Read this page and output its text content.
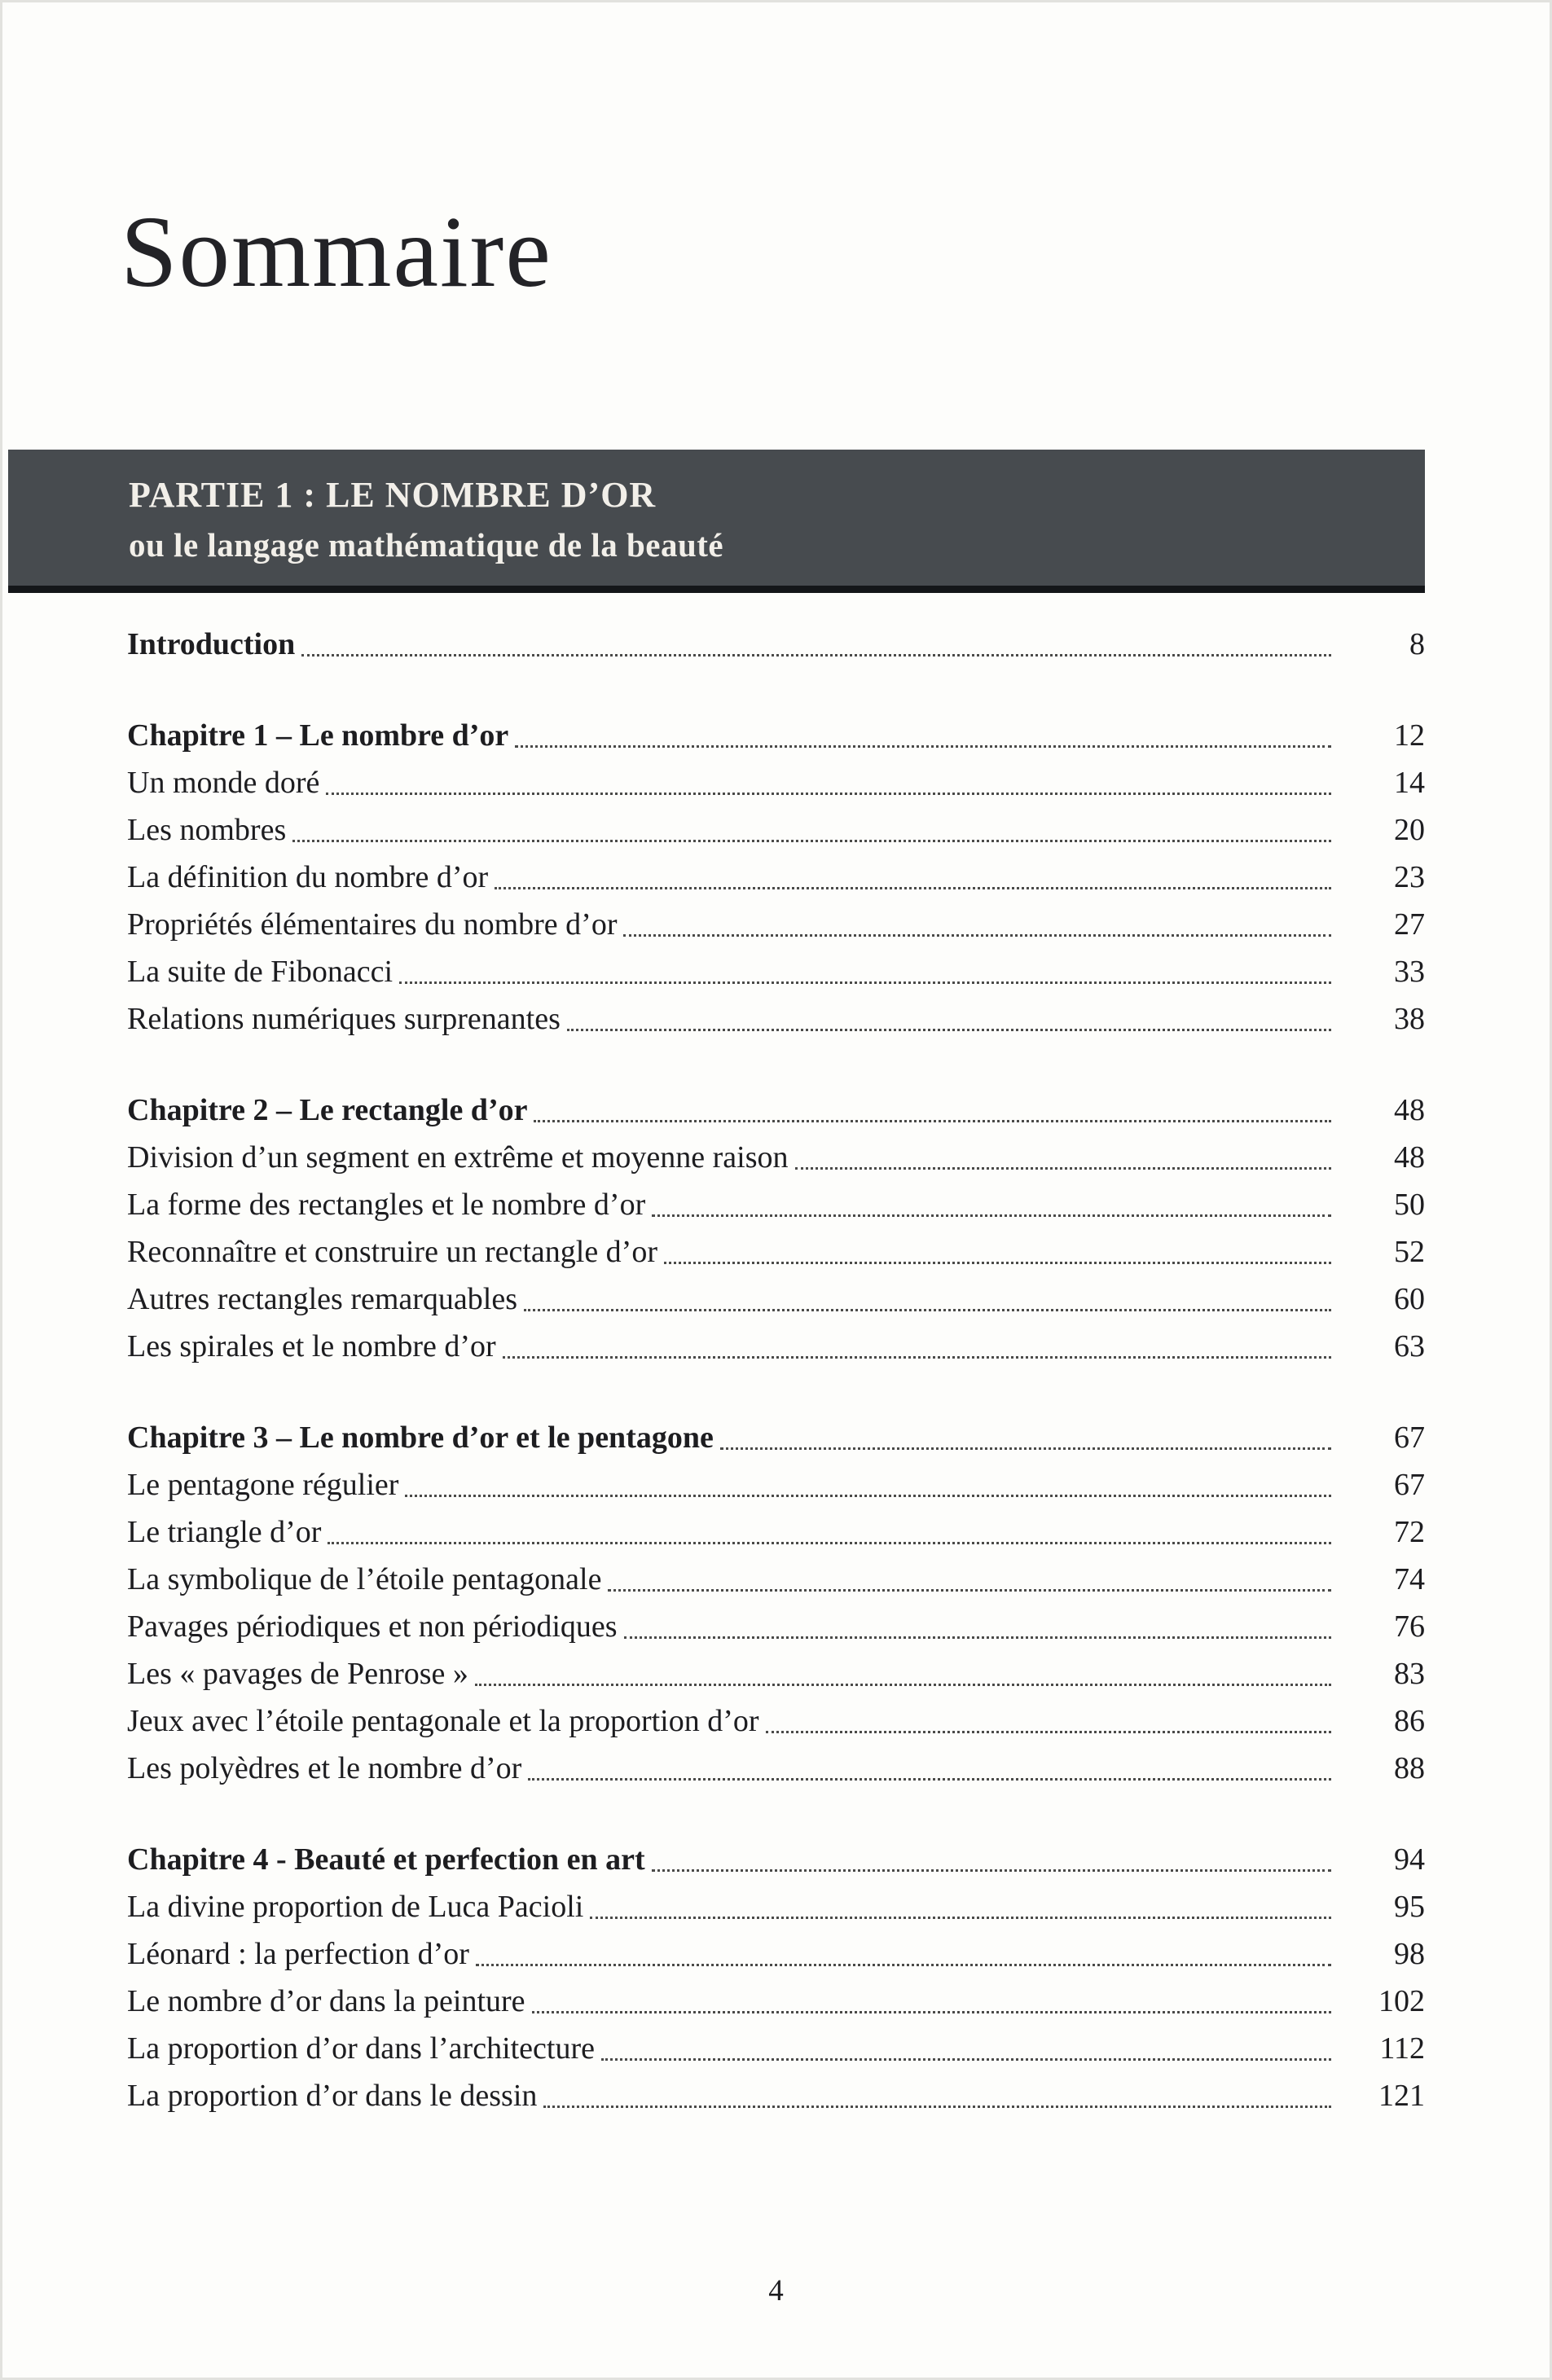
Sommaire
PARTIE 1 : LE NOMBRE D’OR
ou le langage mathématique de la beauté
Introduction	8
Chapitre 1 – Le nombre d’or	12
Un monde doré	14
Les nombres	20
La définition du nombre d’or	23
Propriétés élémentaires du nombre d’or	27
La suite de Fibonacci	33
Relations numériques surprenantes	38
Chapitre 2 – Le rectangle d’or	48
Division d’un segment en extrême et moyenne raison	48
La forme des rectangles et le nombre d’or	50
Reconnaître et construire un rectangle d’or	52
Autres rectangles remarquables	60
Les spirales et le nombre d’or	63
Chapitre 3 – Le nombre d’or et le pentagone	67
Le pentagone régulier	67
Le triangle d’or	72
La symbolique de l’étoile pentagonale	74
Pavages périodiques et non périodiques	76
Les « pavages de Penrose »	83
Jeux avec l’étoile pentagonale et la proportion d’or	86
Les polyèdres et le nombre d’or	88
Chapitre 4 - Beauté et perfection en art	94
La divine proportion de Luca Pacioli	95
Léonard : la perfection d’or	98
Le nombre d’or dans la peinture	102
La proportion d’or dans l’architecture	112
La proportion d’or dans le dessin	121
4
